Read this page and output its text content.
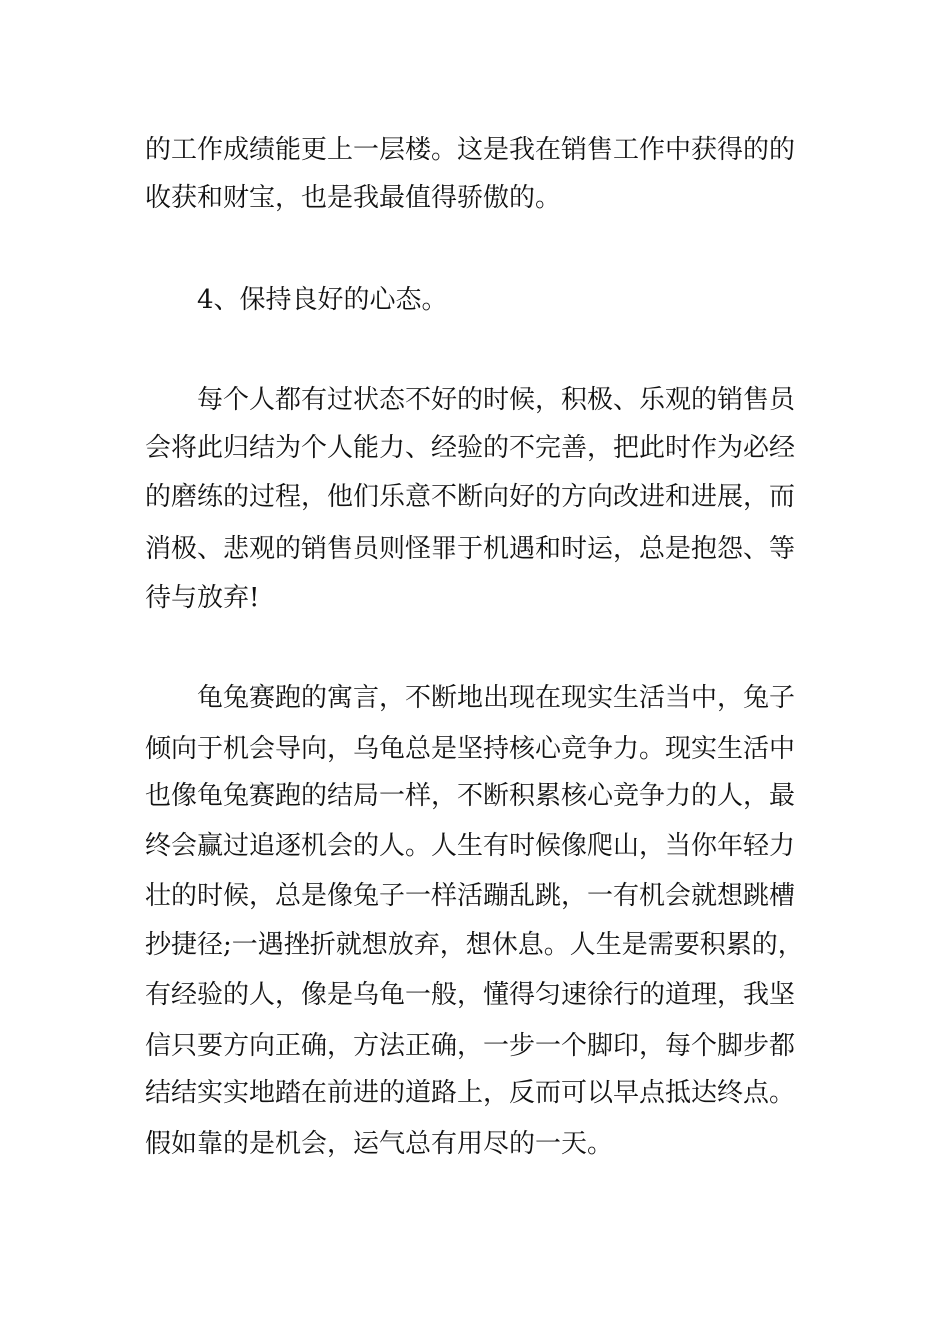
的工作成绩能更上一层楼。这是我在销售工作中获得的的
收获和财宝，也是我最值得骄傲的。
4、保持良好的心态。
每个人都有过状态不好的时候，积极、乐观的销售员
会将此归结为个人能力、经验的不完善，把此时作为必经
的磨练的过程，他们乐意不断向好的方向改进和进展，而
消极、悲观的销售员则怪罪于机遇和时运，总是抱怨、等
待与放弃!
龟兔赛跑的寓言，不断地出现在现实生活当中，兔子
倾向于机会导向，乌龟总是坚持核心竞争力。现实生活中
也像龟兔赛跑的结局一样，不断积累核心竞争力的人，最
终会赢过追逐机会的人。人生有时候像爬山，当你年轻力
壮的时候，总是像兔子一样活蹦乱跳，一有机会就想跳槽
抄捷径;一遇挫折就想放弃，想休息。人生是需要积累的，
有经验的人，像是乌龟一般，懂得匀速徐行的道理，我坚
信只要方向正确，方法正确，一步一个脚印，每个脚步都
结结实实地踏在前进的道路上，反而可以早点抵达终点。
假如靠的是机会，运气总有用尽的一天。
